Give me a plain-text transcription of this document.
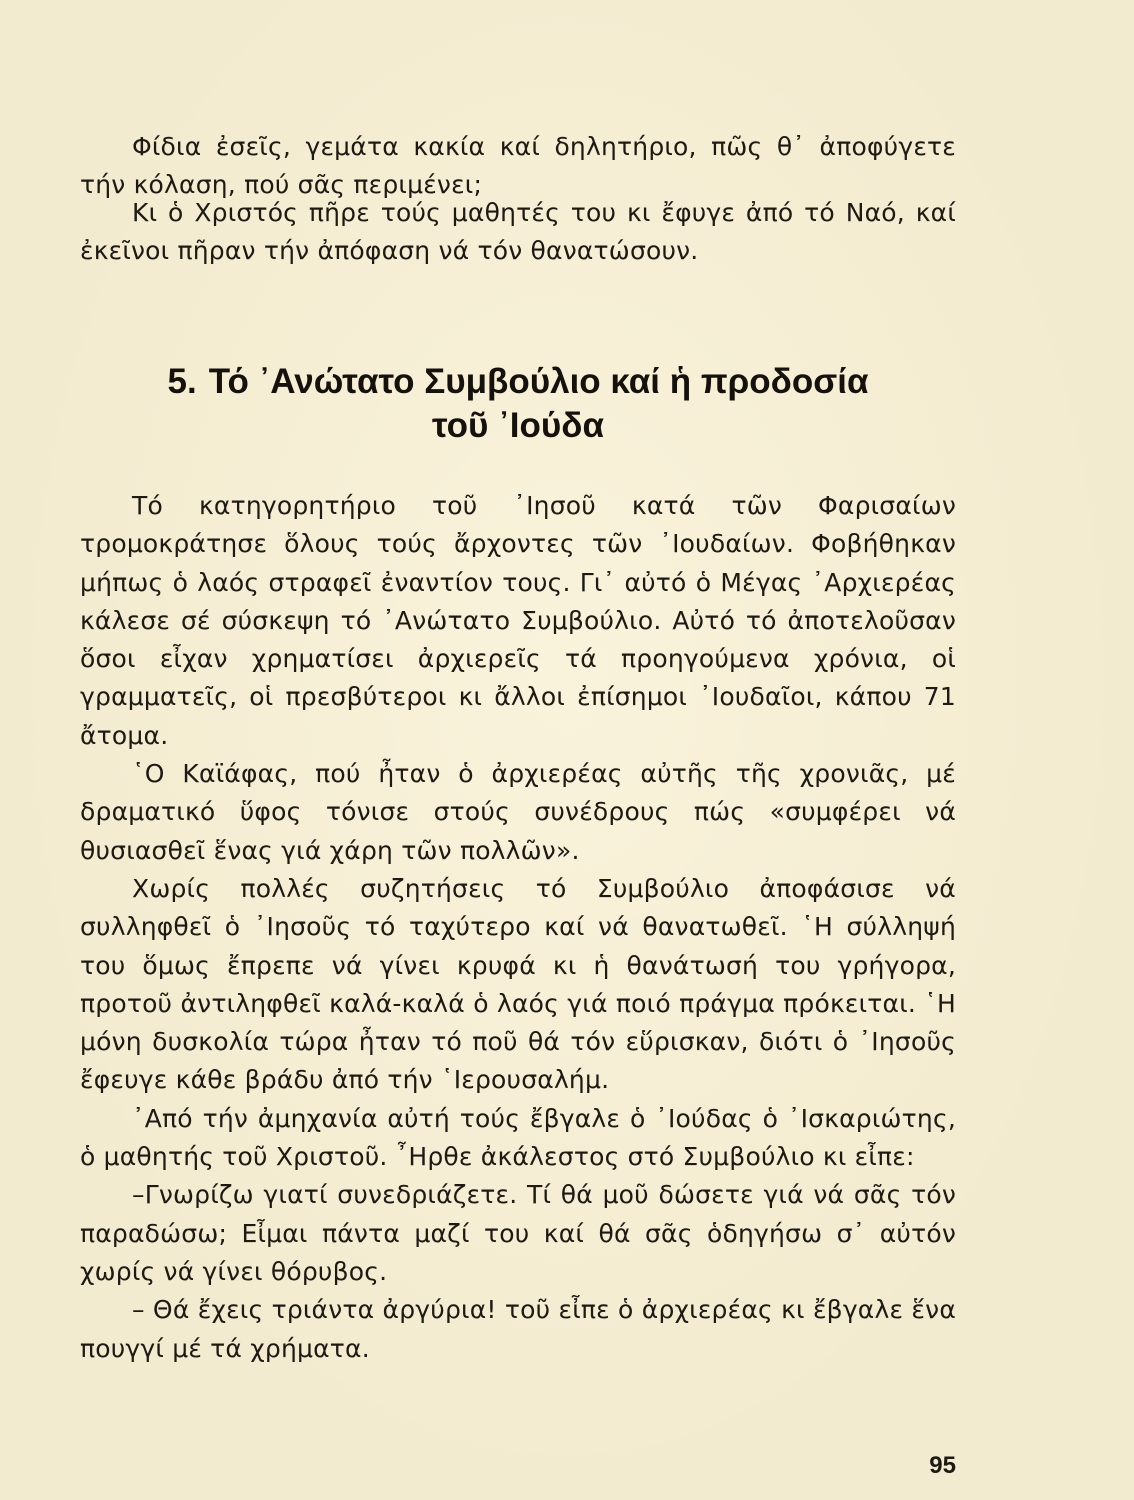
Φίδια ἐσεῖς, γεμάτα κακία καί δηλητήριο, πῶς θ᾽ ἀποφύγετε τήν κόλαση, πού σᾶς περιμένει;

Κι ὁ Χριστός πῆρε τούς μαθητές του κι ἔφυγε ἀπό τό Ναό, καί ἐκεῖνοι πῆραν τήν ἀπόφαση νά τόν θανατώσουν.

5. Τό ᾽Ανώτατο Συμβούλιο καί ἡ προδοσία
τοῦ ᾽Ιούδα

Τό κατηγορητήριο τοῦ ᾽Ιησοῦ κατά τῶν Φαρισαίων τρομοκράτησε ὅλους τούς ἄρχοντες τῶν ᾽Ιουδαίων. Φοβήθηκαν μήπως ὁ λαός στραφεῖ ἐναντίον τους. Γι᾽ αὐτό ὁ Μέγας ᾽Αρχιερέας κάλεσε σέ σύσκεψη τό ᾽Ανώτατο Συμβούλιο. Αὐτό τό ἀποτελοῦσαν ὅσοι εἶχαν χρηματίσει ἀρχιερεῖς τά προηγούμενα χρόνια, οἱ γραμματεῖς, οἱ πρεσβύτεροι κι ἄλλοι ἐπίσημοι ᾽Ιουδαῖοι, κάπου 71 ἄτομα.

῾Ο Καϊάφας, πού ἦταν ὁ ἀρχιερέας αὐτῆς τῆς χρονιᾶς, μέ δραματικό ὕφος τόνισε στούς συνέδρους πώς «συμφέρει νά θυσιασθεῖ ἕνας γιά χάρη τῶν πολλῶν».

Χωρίς πολλές συζητήσεις τό Συμβούλιο ἀποφάσισε νά συλληφθεῖ ὁ ᾽Ιησοῦς τό ταχύτερο καί νά θανατωθεῖ. ῾Η σύλληψή του ὅμως ἔπρεπε νά γίνει κρυφά κι ἡ θανάτωσή του γρήγορα, προτοῦ ἀντιληφθεῖ καλά-καλά ὁ λαός γιά ποιό πράγμα πρόκειται. ῾Η μόνη δυσκολία τώρα ἦταν τό ποῦ θά τόν εὕρισκαν, διότι ὁ ᾽Ιησοῦς ἔφευγε κάθε βράδυ ἀπό τήν ῾Ιερουσαλήμ.

᾽Από τήν ἀμηχανία αὐτή τούς ἔβγαλε ὁ ᾽Ιούδας ὁ ᾽Ισκαριώτης, ὁ μαθητής τοῦ Χριστοῦ. ῏Ηρθε ἀκάλεστος στό Συμβούλιο κι εἶπε:

–Γνωρίζω γιατί συνεδριάζετε. Τί θά μοῦ δώσετε γιά νά σᾶς τόν παραδώσω; Εἶμαι πάντα μαζί του καί θά σᾶς ὁδηγήσω σ᾽ αὐτόν χωρίς νά γίνει θόρυβος.

– Θά ἔχεις τριάντα ἀργύρια! τοῦ εἶπε ὁ ἀρχιερέας κι ἔβγαλε ἕνα πουγγί μέ τά χρήματα.

95
